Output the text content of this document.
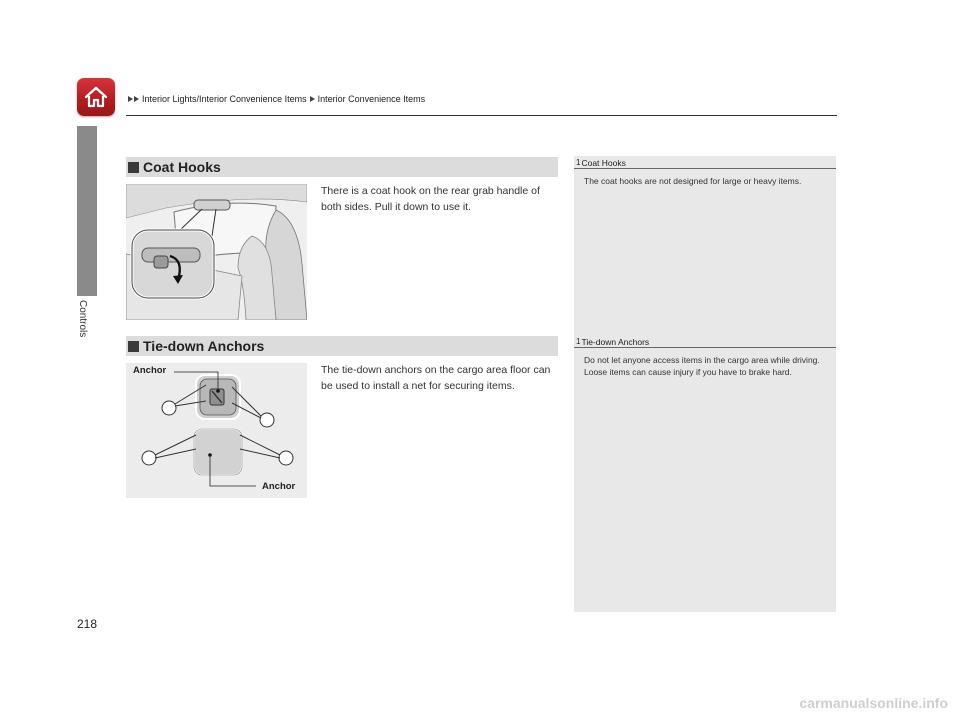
Interior Lights/Interior Convenience Items Interior Convenience Items
Controls
Coat Hooks
There is a coat hook on the rear grab handle of both sides. Pull it down to use it.
1 Coat Hooks
The coat hooks are not designed for large or heavy items.
Tie-down Anchors
The tie-down anchors on the cargo area floor can be used to install a net for securing items.
Anchor
Anchor
1 Tie-down Anchors
Do not let anyone access items in the cargo area while driving. Loose items can cause injury if you have to brake hard.
218
carmanualsonline.info
